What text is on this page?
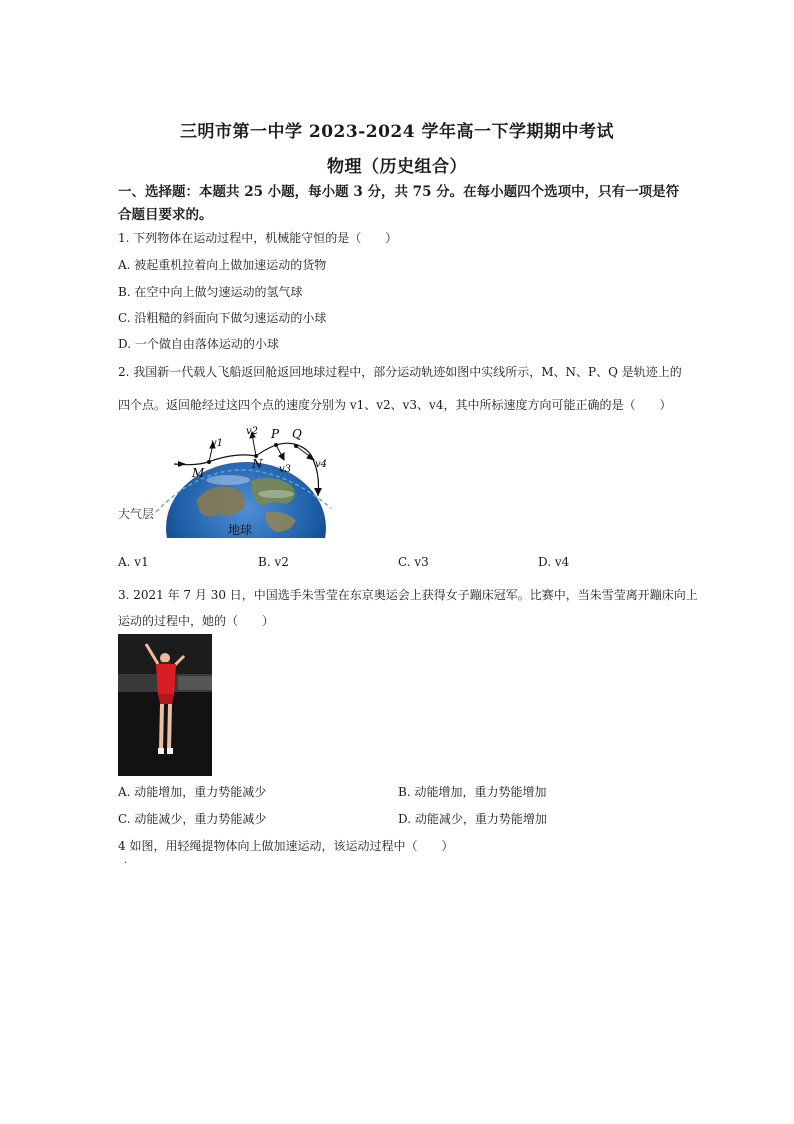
三明市第一中学 2023-2024 学年高一下学期期中考试
物理（历史组合）
一、选择题：本题共 25 小题，每小题 3 分，共 75 分。在每小题四个选项中，只有一项是符合题目要求的。
1. 下列物体在运动过程中，机械能守恒的是（　　）
A. 被起重机拉着向上做加速运动的货物
B. 在空中向上做匀速运动的氢气球
C. 沿粗糙的斜面向下做匀速运动的小球
D. 一个做自由落体运动的小球
2. 我国新一代载人飞船返回舱返回地球过程中，部分运动轨迹如图中实线所示，M、N、P、Q 是轨迹上的
四个点。返回舱经过这四个点的速度分别为 v1、v2、v3、v4，其中所标速度方向可能正确的是（　　）
M
N
P Q
v1
v2
v3 v4
大气层
地球
A. v1	B. v2	C. v3	D. v4
3. 2021 年 7 月 30 日，中国选手朱雪莹在东京奥运会上获得女子蹦床冠军。比赛中，当朱雪莹离开蹦床向上
运动的过程中，她的（　　）
A. 动能增加，重力势能减少	B. 动能增加，重力势能增加
C. 动能减少，重力势能减少	D. 动能减少，重力势能增加
4 如图，用轻绳提物体向上做加速运动，该运动过程中（　　）
.
